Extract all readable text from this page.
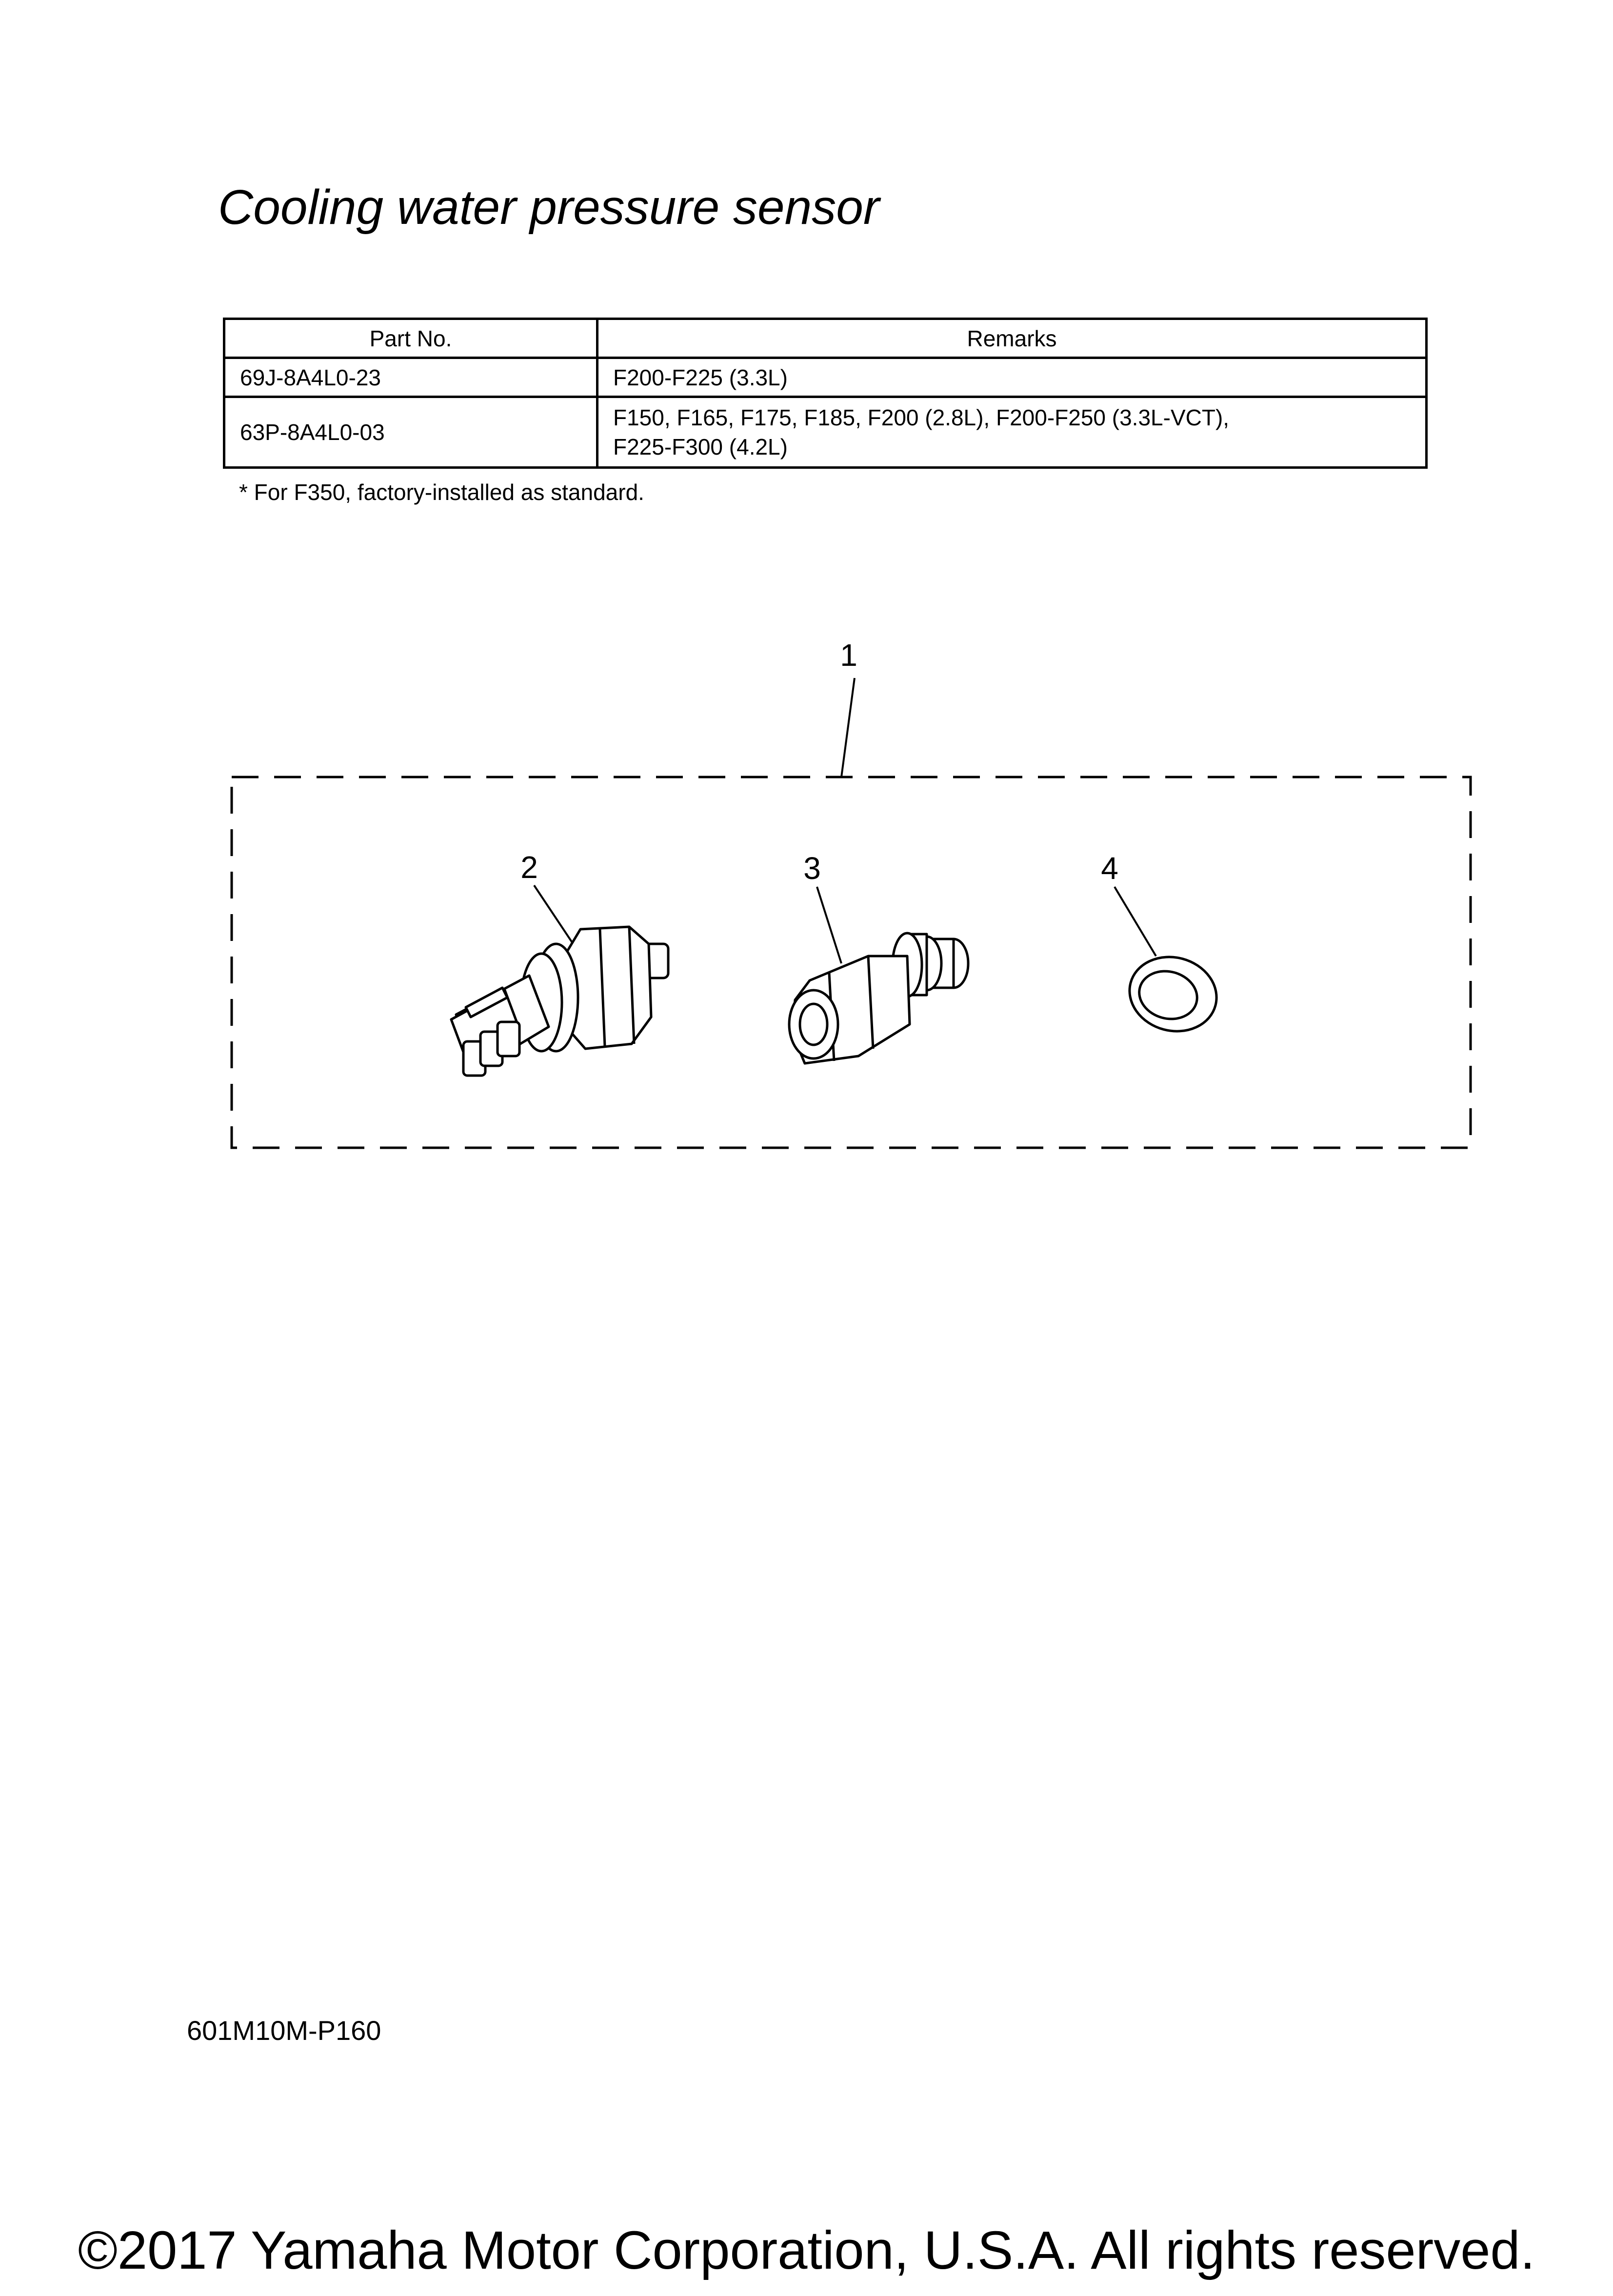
Cooling water pressure sensor
Part No.	Remarks
69J-8A4L0-23	F200-F225 (3.3L)
63P-8A4L0-03	F150, F165, F175, F185, F200 (2.8L), F200-F250 (3.3L-VCT),
F225-F300 (4.2L)
* For F350, factory-installed as standard.
1
2	3	4
601M10M-P160
©2017 Yamaha Motor Corporation, U.S.A. All rights reserved.
